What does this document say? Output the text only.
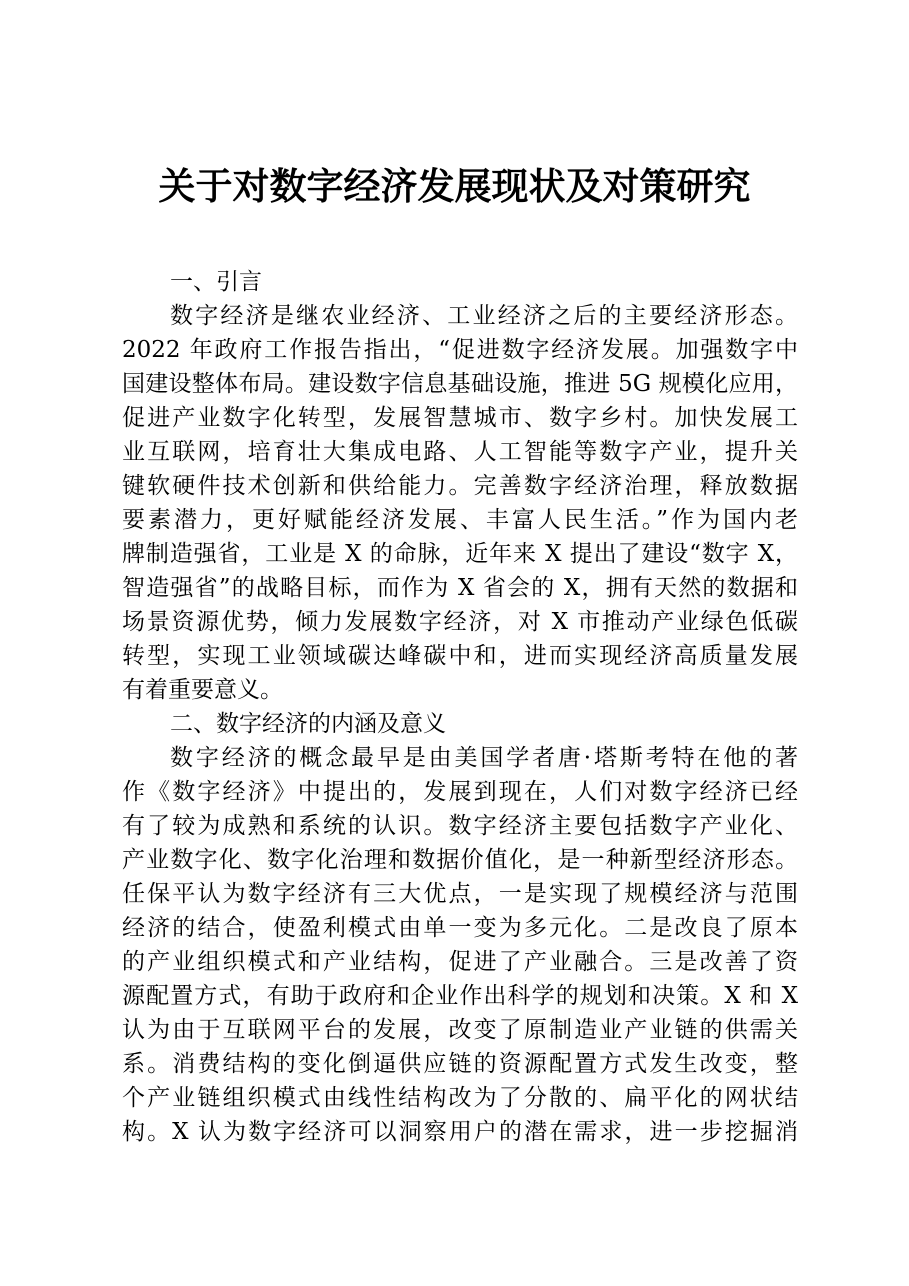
关于对数字经济发展现状及对策研究
一、引言
数字经济是继农业经济、工业经济之后的主要经济形态。
2022 年政府工作报告指出，“促进数字经济发展。加强数字中
国建设整体布局。建设数字信息基础设施，推进 5G 规模化应用，
促进产业数字化转型，发展智慧城市、数字乡村。加快发展工
业互联网，培育壮大集成电路、人工智能等数字产业，提升关
键软硬件技术创新和供给能力。完善数字经济治理，释放数据
要素潜力，更好赋能经济发展、丰富人民生活。”作为国内老
牌制造强省，工业是 X 的命脉，近年来 X 提出了建设“数字 X，
智造强省”的战略目标，而作为 X 省会的 X，拥有天然的数据和
场景资源优势，倾力发展数字经济，对 X 市推动产业绿色低碳
转型，实现工业领域碳达峰碳中和，进而实现经济高质量发展
有着重要意义。
二、数字经济的内涵及意义
数字经济的概念最早是由美国学者唐·塔斯考特在他的著
作《数字经济》中提出的，发展到现在，人们对数字经济已经
有了较为成熟和系统的认识。数字经济主要包括数字产业化、
产业数字化、数字化治理和数据价值化，是一种新型经济形态。
任保平认为数字经济有三大优点，一是实现了规模经济与范围
经济的结合，使盈利模式由单一变为多元化。二是改良了原本
的产业组织模式和产业结构，促进了产业融合。三是改善了资
源配置方式，有助于政府和企业作出科学的规划和决策。X 和 X
认为由于互联网平台的发展，改变了原制造业产业链的供需关
系。消费结构的变化倒逼供应链的资源配置方式发生改变，整
个产业链组织模式由线性结构改为了分散的、扁平化的网状结
构。X 认为数字经济可以洞察用户的潜在需求，进一步挖掘消
